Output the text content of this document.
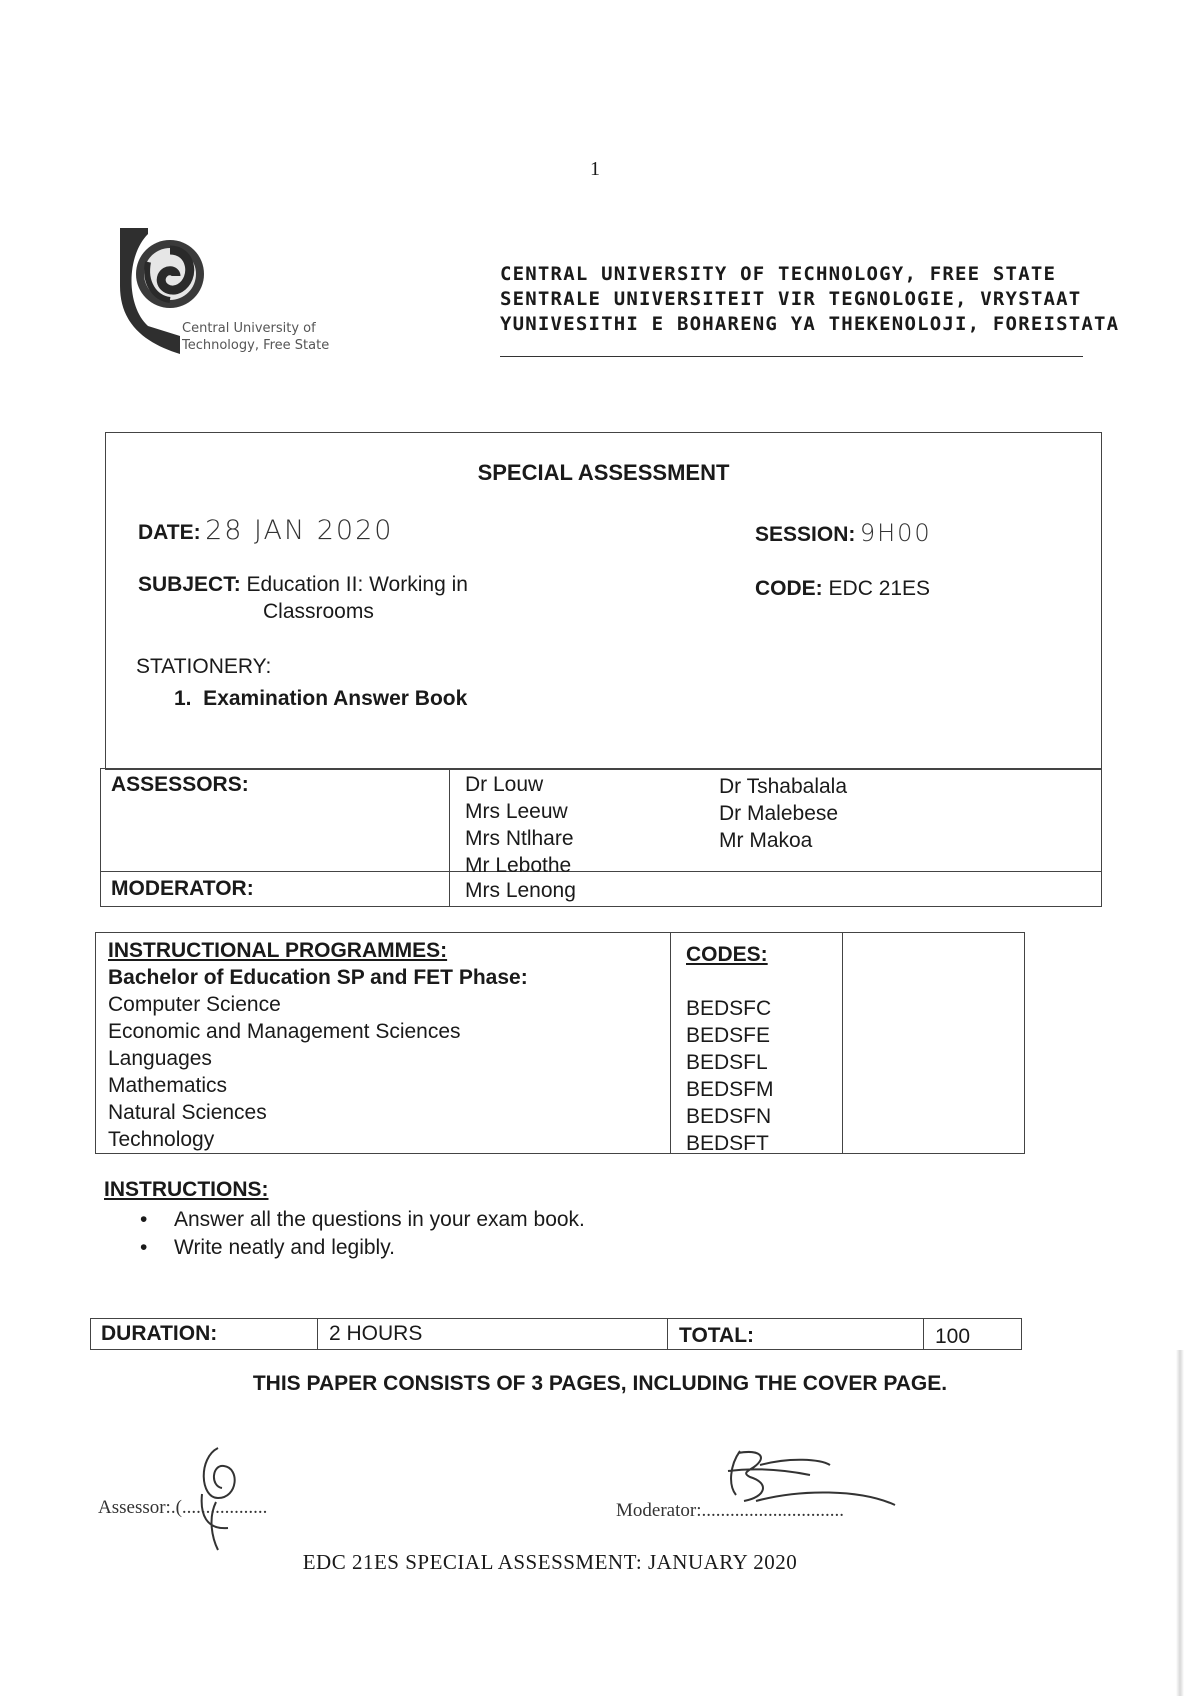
1
Central University of
Technology, Free State
CENTRAL UNIVERSITY OF TECHNOLOGY, FREE STATE
SENTRALE UNIVERSITEIT VIR TEGNOLOGIE, VRYSTAAT
YUNIVESITHI E BOHARENG YA THEKENOLOJI, FOREISTATA
SPECIAL ASSESSMENT
DATE: 28 JAN 2020	SESSION: 9H00
SUBJECT: Education II: Working in
Classrooms
CODE: EDC 21ES
STATIONERY:
1.  Examination Answer Book
ASSESSORS:	Dr Louw
Mrs Leeuw
Mrs Ntlhare
Mr Lebothe
Dr Tshabalala
Dr Malebese
Mr Makoa
MODERATOR:	Mrs Lenong
INSTRUCTIONAL PROGRAMMES:
Bachelor of Education SP and FET Phase:
Computer Science
Economic and Management Sciences
Languages
Mathematics
Natural Sciences
Technology
CODES:
BEDSFC
BEDSFE
BEDSFL
BEDSFM
BEDSFN
BEDSFT
INSTRUCTIONS:
• Answer all the questions in your exam book.
• Write neatly and legibly.
DURATION:	2 HOURS	TOTAL:	100
THIS PAPER CONSISTS OF 3 PAGES, INCLUDING THE COVER PAGE.
Assessor:.(..................	Moderator:..............................
EDC 21ES SPECIAL ASSESSMENT: JANUARY 2020
